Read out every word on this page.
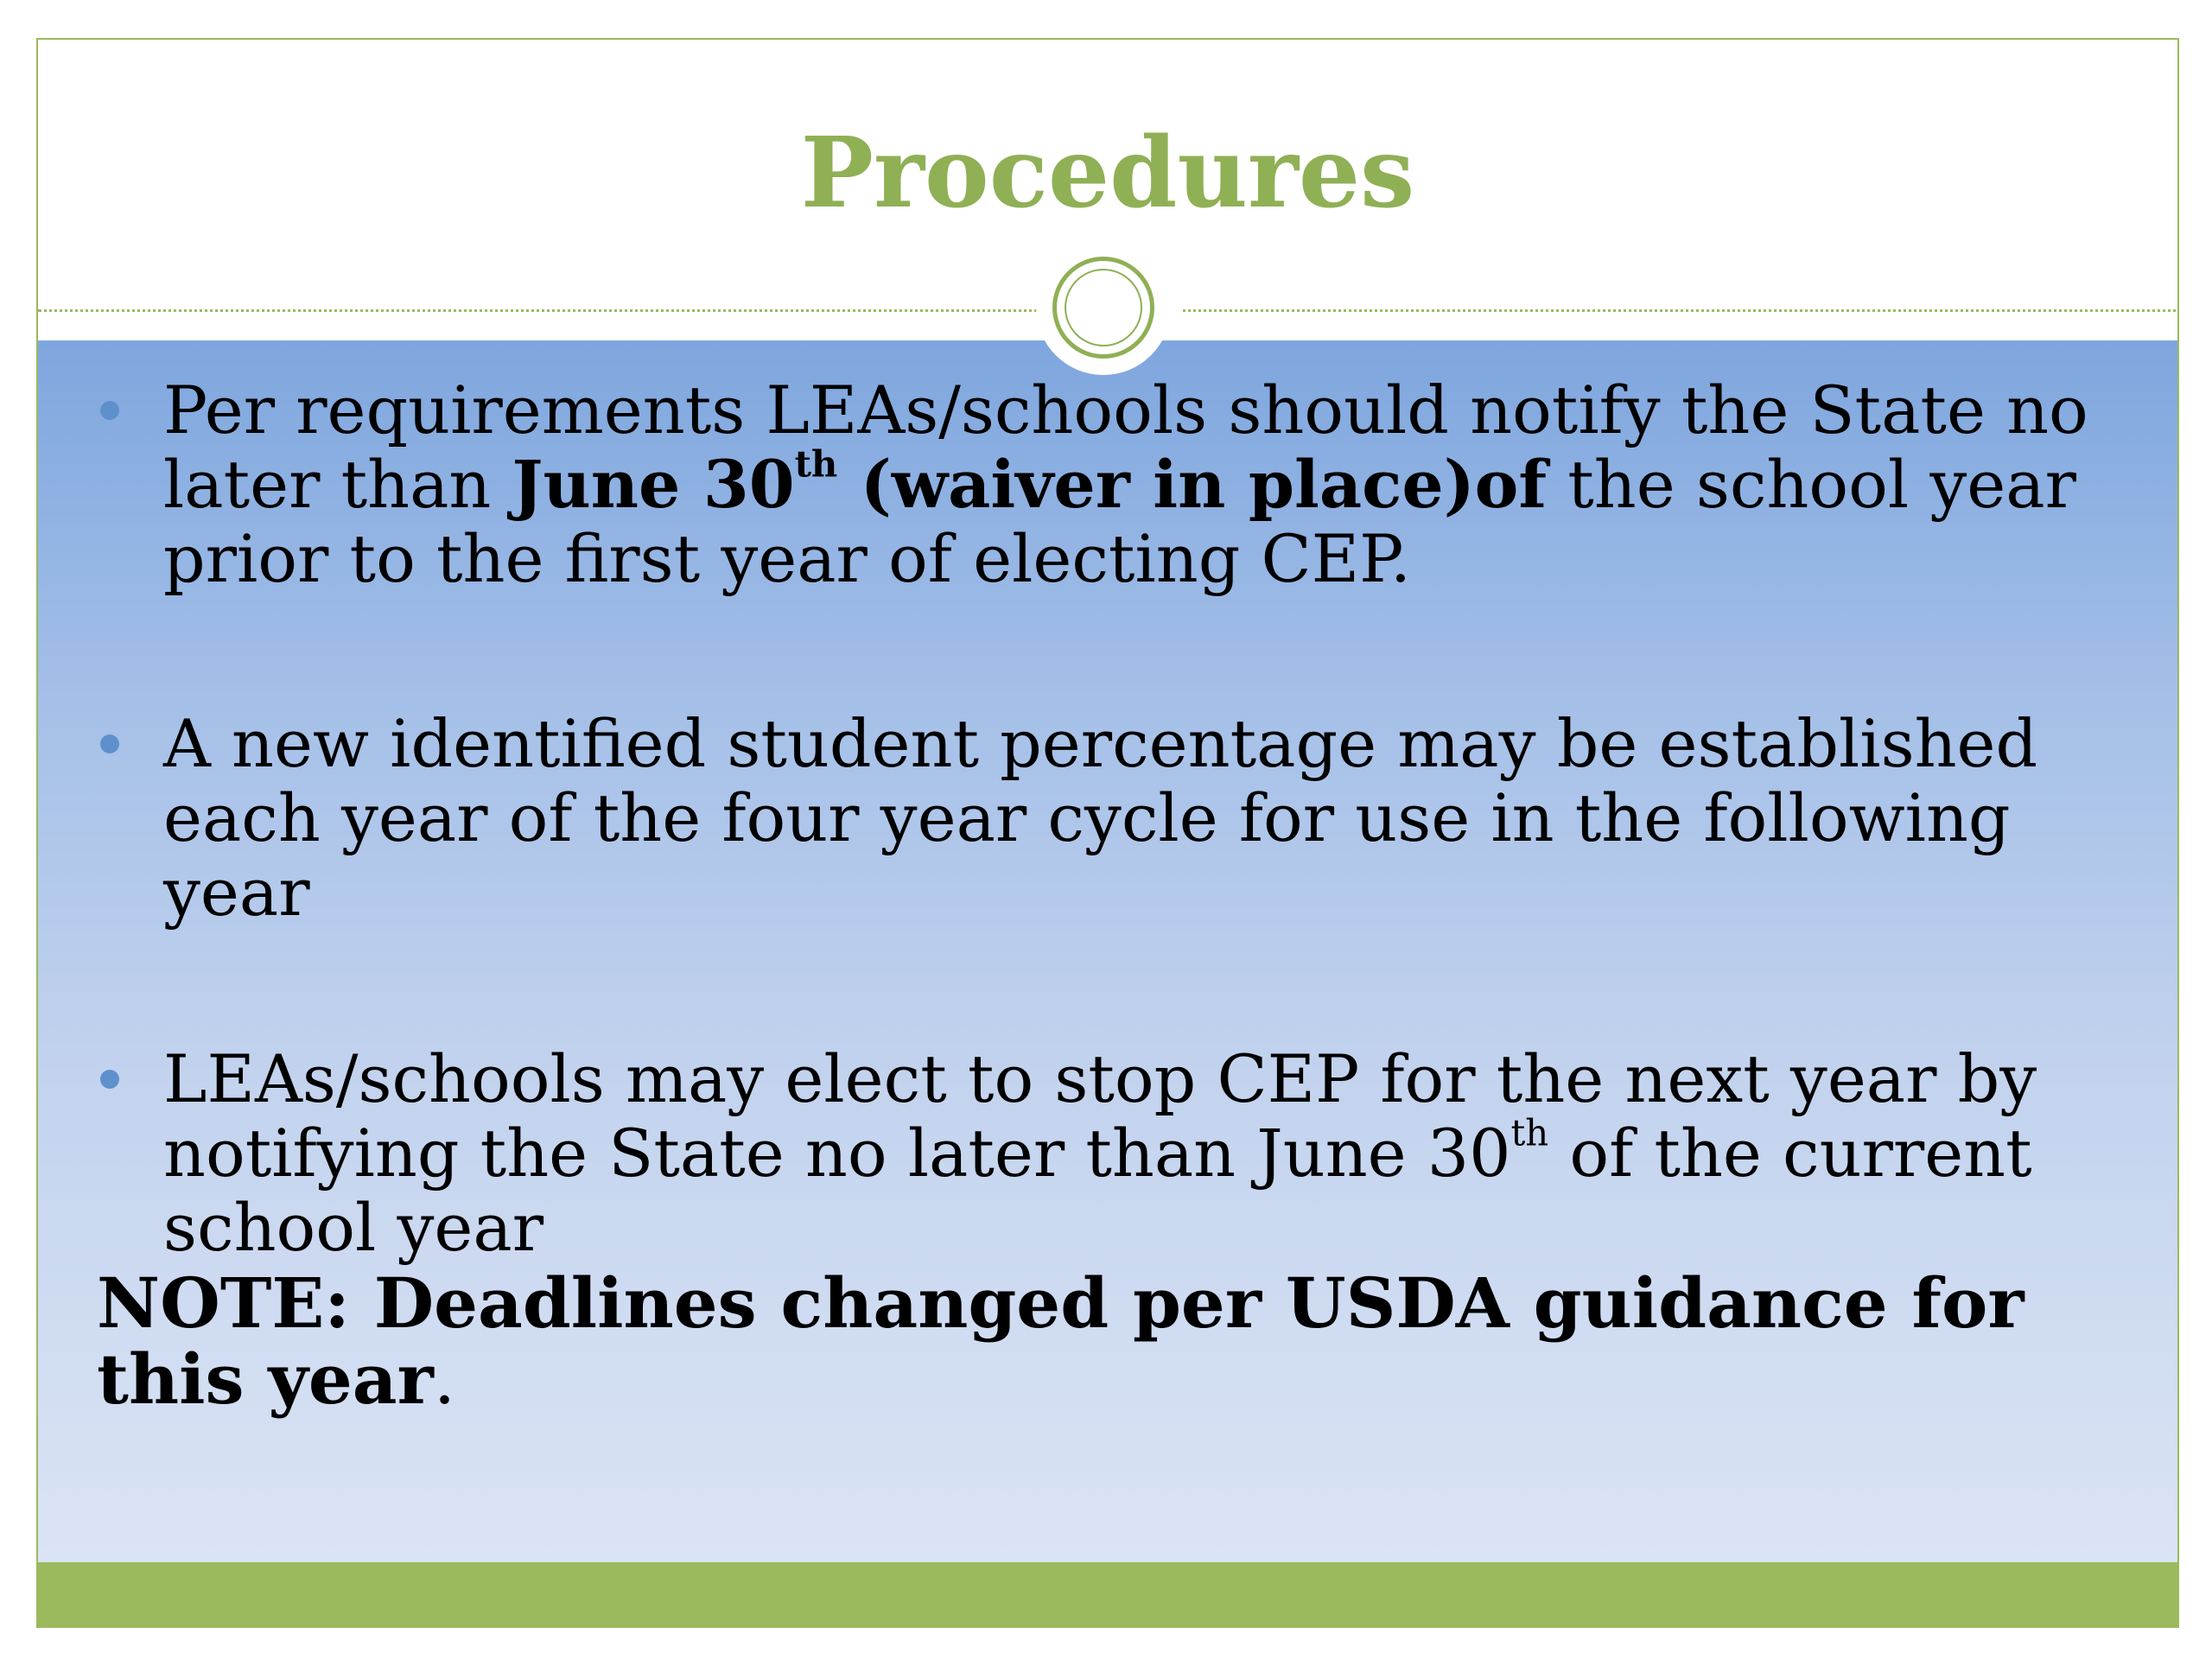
Procedures

Per requirements LEAs/schools should notify the State no later than June 30th (waiver in place)of the school year prior to the first year of electing CEP.

A new identified student percentage may be established each year of the four year cycle for use in the following year

LEAs/schools may elect to stop CEP for the next year by notifying the State no later than June 30th of the current school year

NOTE: Deadlines changed per USDA guidance for this year.
